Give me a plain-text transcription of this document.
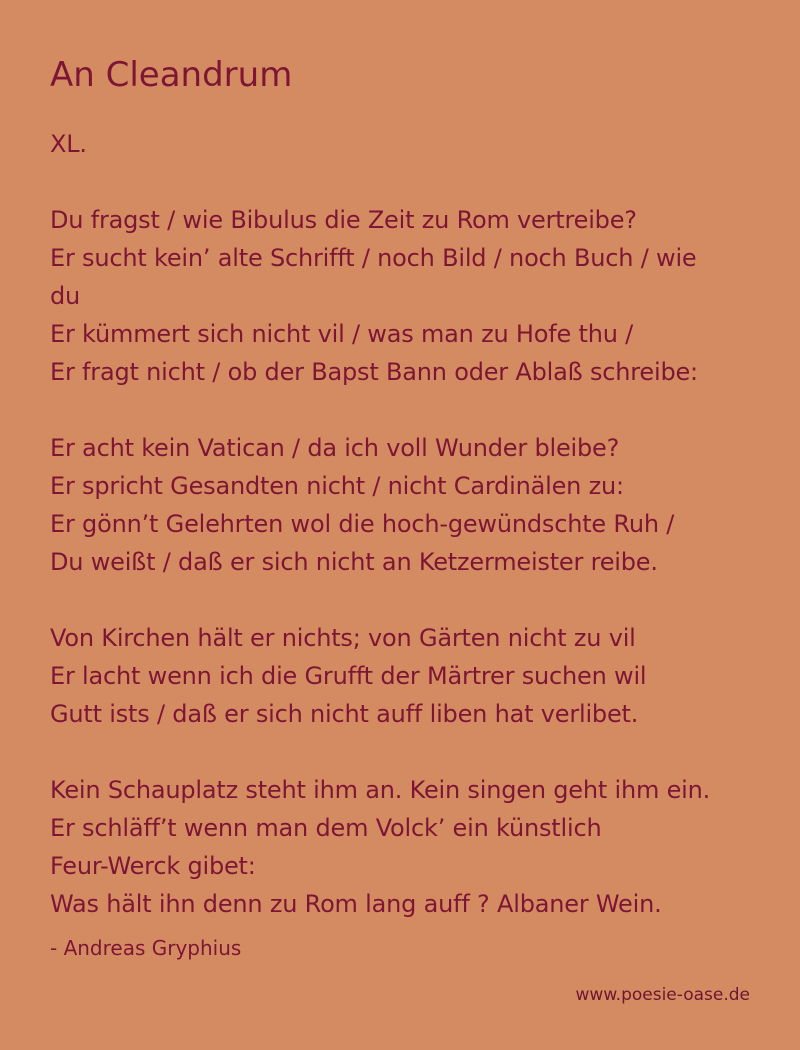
An Cleandrum
XL.
Du fragst / wie Bibulus die Zeit zu Rom vertreibe?
Er sucht kein’ alte Schrifft / noch Bild / noch Buch / wie
du
Er kümmert sich nicht vil / was man zu Hofe thu /
Er fragt nicht / ob der Bapst Bann oder Ablaß schreibe:
Er acht kein Vatican / da ich voll Wunder bleibe?
Er spricht Gesandten nicht / nicht Cardinälen zu:
Er gönn’t Gelehrten wol die hoch-gewündschte Ruh /
Du weißt / daß er sich nicht an Ketzermeister reibe.
Von Kirchen hält er nichts; von Gärten nicht zu vil
Er lacht wenn ich die Grufft der Märtrer suchen wil
Gutt ists / daß er sich nicht auff liben hat verlibet.
Kein Schauplatz steht ihm an. Kein singen geht ihm ein.
Er schläff’t wenn man dem Volck’ ein künstlich
Feur-Werck gibet:
Was hält ihn denn zu Rom lang auff ? Albaner Wein.
- Andreas Gryphius
www.poesie-oase.de
